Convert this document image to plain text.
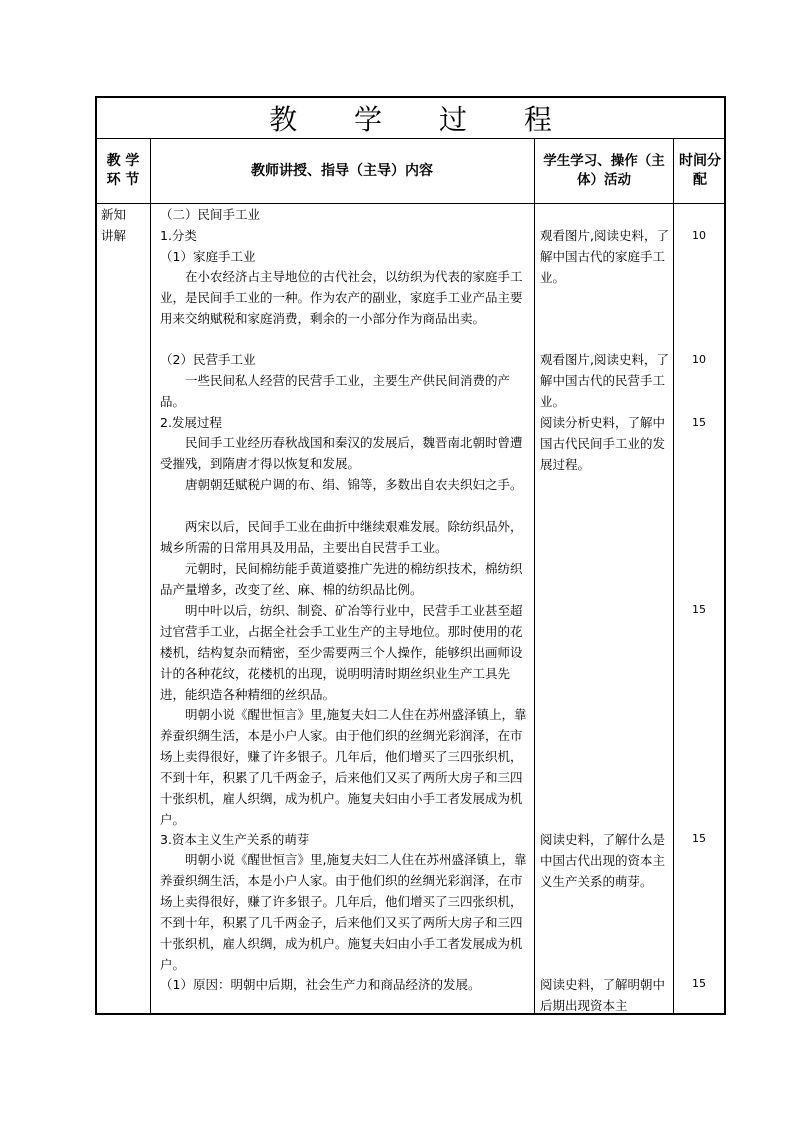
教 学 过 程
教 学 环 节
教师讲授、指导（主导）内容
学生学习、操作（主体）活动
时间分配
新知讲解
（二）民间手工业
1.分类
（1）家庭手工业
在小农经济占主导地位的古代社会，以纺织为代表的家庭手工业，是民间手工业的一种。作为农产的副业，家庭手工业产品主要用来交纳赋税和家庭消费，剩余的一小部分作为商品出卖。
（2）民营手工业
一些民间私人经营的民营手工业，主要生产供民间消费的产品。
2.发展过程
民间手工业经历春秋战国和秦汉的发展后，魏晋南北朝时曾遭受摧残，到隋唐才得以恢复和发展。
唐朝朝廷赋税户调的布、绢、锦等，多数出自农夫织妇之手。
两宋以后，民间手工业在曲折中继续艰难发展。除纺织品外，城乡所需的日常用具及用品，主要出自民营手工业。
元朝时，民间棉纺能手黄道婆推广先进的棉纺织技术，棉纺织品产量增多，改变了丝、麻、棉的纺织品比例。
明中叶以后，纺织、制瓷、矿冶等行业中，民营手工业甚至超过官营手工业，占据全社会手工业生产的主导地位。那时使用的花楼机，结构复杂而精密，至少需要两三个人操作，能够织出画师设计的各种花纹，花楼机的出现，说明明清时期丝织业生产工具先进，能织造各种精细的丝织品。
明朝小说《醒世恒言》里,施复夫妇二人住在苏州盛泽镇上，靠养蚕织绸生活，本是小户人家。由于他们织的丝绸光彩润泽，在市场上卖得很好，赚了许多银子。几年后，他们增买了三四张织机，不到十年，积累了几千两金子，后来他们又买了两所大房子和三四十张织机，雇人织绸，成为机户。施复夫妇由小手工者发展成为机户。
3.资本主义生产关系的萌芽
明朝小说《醒世恒言》里,施复夫妇二人住在苏州盛泽镇上，靠养蚕织绸生活，本是小户人家。由于他们织的丝绸光彩润泽，在市场上卖得很好，赚了许多银子。几年后，他们增买了三四张织机，不到十年，积累了几千两金子，后来他们又买了两所大房子和三四十张织机，雇人织绸，成为机户。施复夫妇由小手工者发展成为机户。
（1）原因：明朝中后期，社会生产力和商品经济的发展。
观看图片,阅读史料，了解中国古代的家庭手工业。
观看图片,阅读史料，了解中国古代的民营手工业。
阅读分析史料，了解中国古代民间手工业的发展过程。
阅读史料，了解什么是中国古代出现的资本主义生产关系的萌芽。
阅读史料，了解明朝中后期出现资本主
10
10
15
15
15
15
